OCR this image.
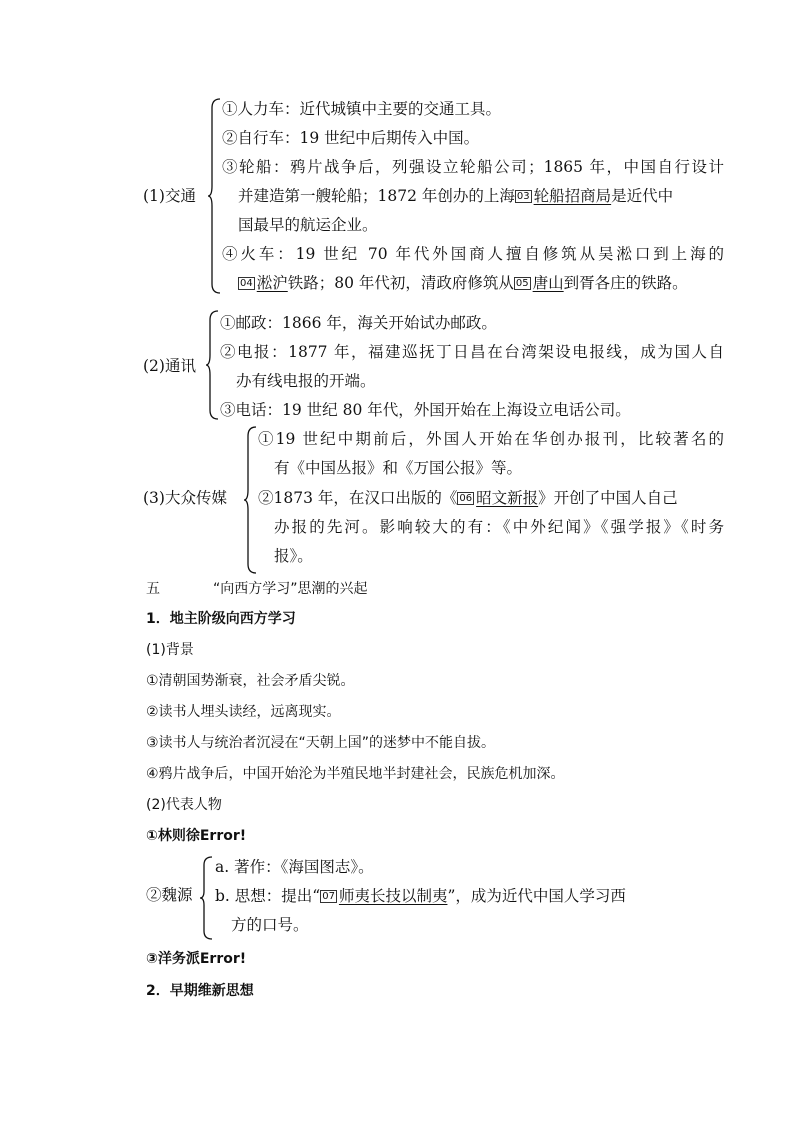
(1)交通
①人力车：近代城镇中主要的交通工具。
②自行车：19 世纪中后期传入中国。
③轮船：鸦片战争后，列强设立轮船公司；1865 年，中国自行设计
并建造第一艘轮船；1872 年创办的上海 03 轮船招商局是近代中
国最早的航运企业。
④火车：19 世纪 70 年代外国商人擅自修筑从吴淞口到上海的
04 淞沪铁路；80 年代初，清政府修筑从 05 唐山到胥各庄的铁路。
(2)通讯
①邮政：1866 年，海关开始试办邮政。
②电报：1877 年，福建巡抚丁日昌在台湾架设电报线，成为国人自
办有线电报的开端。
③电话：19 世纪 80 年代，外国开始在上海设立电话公司。
(3)大众传媒
①19 世纪中期前后，外国人开始在华创办报刊，比较著名的
有《中国丛报》和《万国公报》等。
②1873 年，在汉口出版的《 06 昭文新报》开创了中国人自己
办报的先河。影响较大的有：《中外纪闻》《强学报》《时务
报》。
五	“向西方学习”思潮的兴起
1．地主阶级向西方学习
(1)背景
①清朝国势渐衰，社会矛盾尖锐。
②读书人埋头读经，远离现实。
③读书人与统治者沉浸在“天朝上国”的迷梦中不能自拔。
④鸦片战争后，中国开始沦为半殖民地半封建社会，民族危机加深。
(2)代表人物
①林则徐Error!
②魏源
a. 著作：《海国图志》。
b. 思想：提出“ 07 师夷长技以制夷”，成为近代中国人学习西
方的口号。
③洋务派Error!
2．早期维新思想
